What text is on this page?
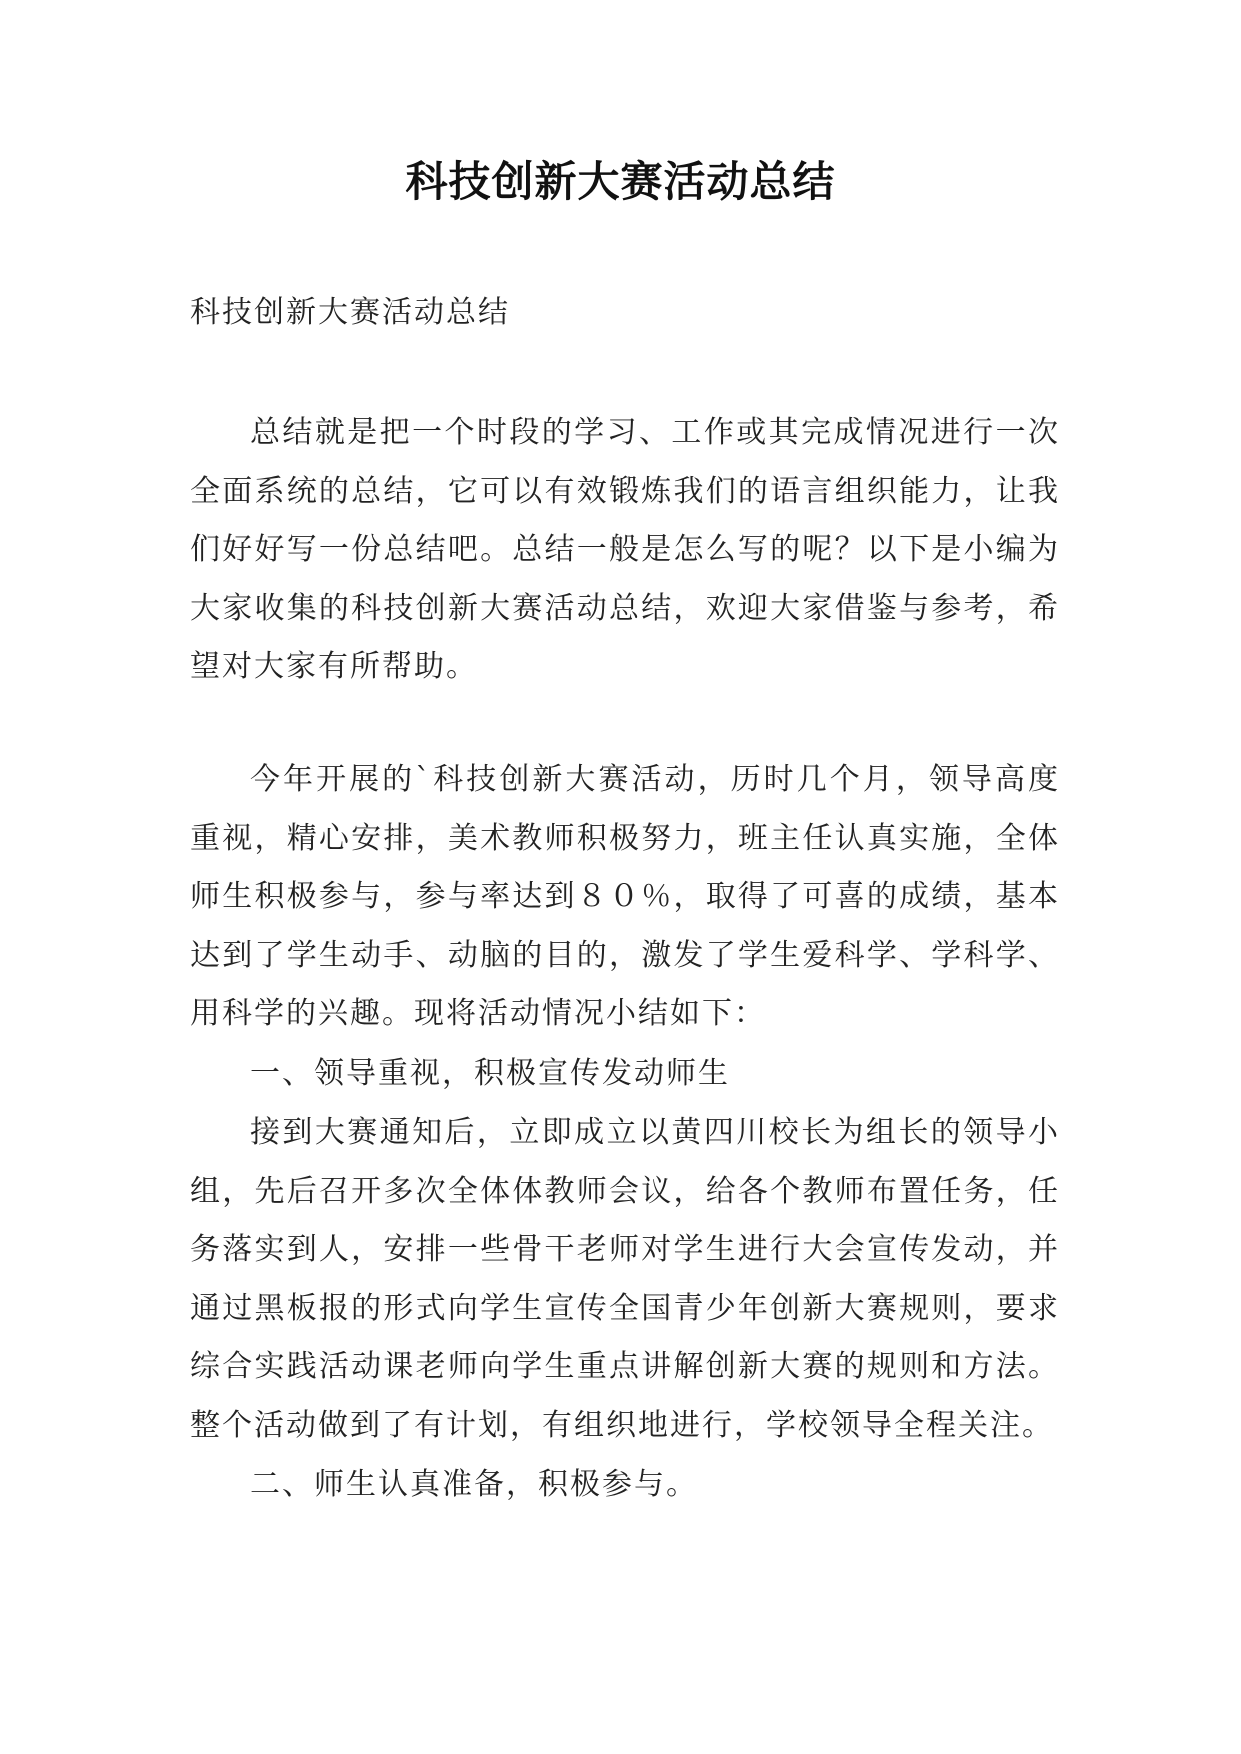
科技创新大赛活动总结
科技创新大赛活动总结

总结就是把一个时段的学习、工作或其完成情况进行一次全面系统的总结，它可以有效锻炼我们的语言组织能力，让我们好好写一份总结吧。总结一般是怎么写的呢？以下是小编为大家收集的科技创新大赛活动总结，欢迎大家借鉴与参考，希望对大家有所帮助。

今年开展的`科技创新大赛活动，历时几个月，领导高度重视，精心安排，美术教师积极努力，班主任认真实施，全体师生积极参与，参与率达到８０％，取得了可喜的成绩，基本达到了学生动手、动脑的目的，激发了学生爱科学、学科学、用科学的兴趣。现将活动情况小结如下：

一、领导重视，积极宣传发动师生

接到大赛通知后，立即成立以黄四川校长为组长的领导小组，先后召开多次全体体教师会议，给各个教师布置任务，任务落实到人，安排一些骨干老师对学生进行大会宣传发动，并通过黑板报的形式向学生宣传全国青少年创新大赛规则，要求综合实践活动课老师向学生重点讲解创新大赛的规则和方法。整个活动做到了有计划，有组织地进行，学校领导全程关注。

二、师生认真准备，积极参与。
